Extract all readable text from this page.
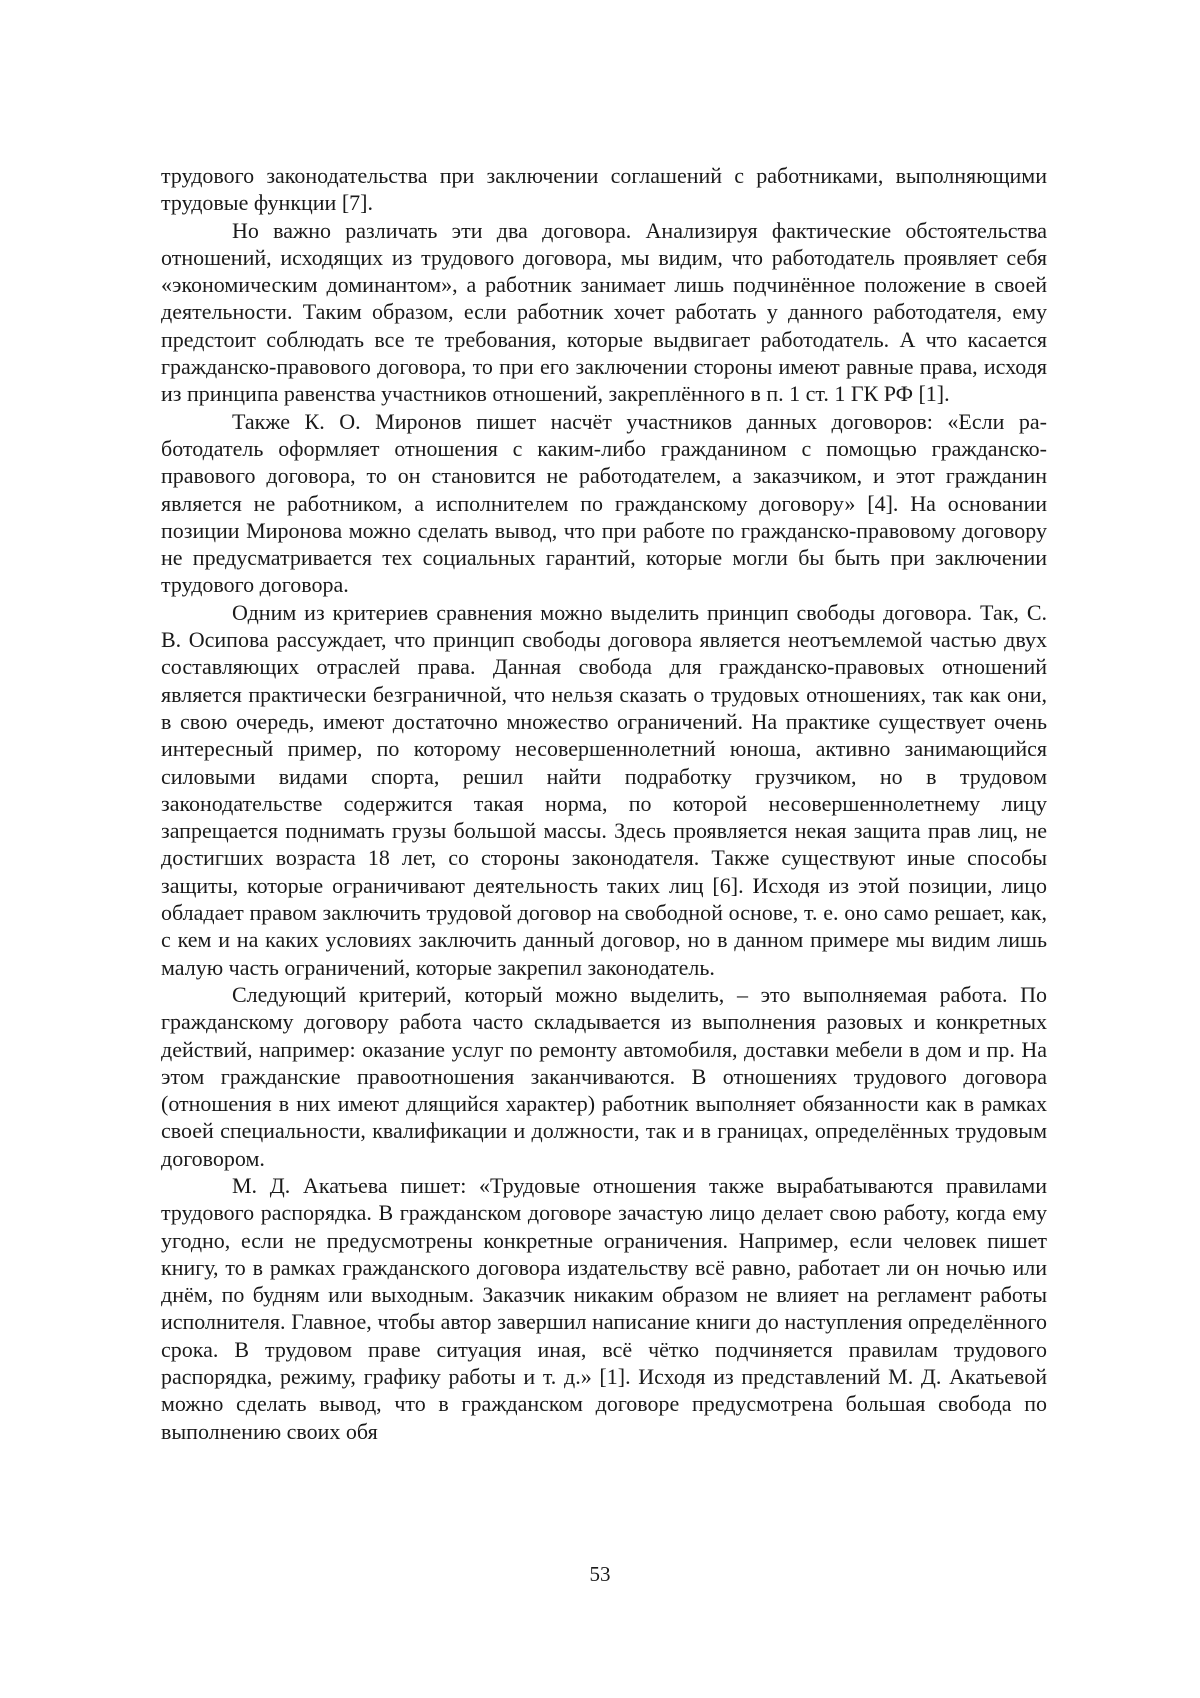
трудового законодательства при заключении соглашений с работниками, выполняющими трудовые функции [7].

Но важно различать эти два договора. Анализируя фактические обстоятельства отношений, исходящих из трудового договора, мы видим, что работодатель проявляет себя «экономическим доминантом», а работник занимает лишь подчинённое положение в своей деятельности. Таким образом, если работник хочет работать у данного работодателя, ему предстоит соблюдать все те требования, которые выдвигает работодатель. А что касается гражданско-правового договора, то при его заключении стороны имеют равные права, исходя из принципа равенства участников отношений, закреплённого в п. 1 ст. 1 ГК РФ [1].

Также К. О. Миронов пишет насчёт участников данных договоров: «Если работодатель оформляет отношения с каким-либо гражданином с помощью гражданско-правового договора, то он становится не работодателем, а заказчиком, и этот гражданин является не работником, а исполнителем по гражданскому договору» [4]. На основании позиции Миронова можно сделать вывод, что при работе по гражданско-правовому договору не предусматривается тех социальных гарантий, которые могли бы быть при заключении трудового договора.

Одним из критериев сравнения можно выделить принцип свободы договора. Так, С. В. Осипова рассуждает, что принцип свободы договора является неотъемлемой частью двух составляющих отраслей права. Данная свобода для гражданско-правовых отношений является практически безграничной, что нельзя сказать о трудовых отношениях, так как они, в свою очередь, имеют достаточно множество ограничений. На практике существует очень интересный пример, по которому несовершеннолетний юноша, активно занимающийся силовыми видами спорта, решил найти подработку грузчиком, но в трудовом законодательстве содержится такая норма, по которой несовершеннолетнему лицу запрещается поднимать грузы большой массы. Здесь проявляется некая защита прав лиц, не достигших возраста 18 лет, со стороны законодателя. Также существуют иные способы защиты, которые ограничивают деятельность таких лиц [6]. Исходя из этой позиции, лицо обладает правом заключить трудовой договор на свободной основе, т. е. оно само решает, как, с кем и на каких условиях заключить данный договор, но в данном примере мы видим лишь малую часть ограничений, которые закрепил законодатель.

Следующий критерий, который можно выделить, – это выполняемая работа. По гражданскому договору работа часто складывается из выполнения разовых и конкретных действий, например: оказание услуг по ремонту автомобиля, доставки мебели в дом и пр. На этом гражданские правоотношения заканчиваются. В отношениях трудового договора (отношения в них имеют длящийся характер) работник выполняет обязанности как в рамках своей специальности, квалификации и должности, так и в границах, определённых трудовым договором.

М. Д. Акатьева пишет: «Трудовые отношения также вырабатываются правилами трудового распорядка. В гражданском договоре зачастую лицо делает свою работу, когда ему угодно, если не предусмотрены конкретные ограничения. Например, если человек пишет книгу, то в рамках гражданского договора издательству всё равно, работает ли он ночью или днём, по будням или выходным. Заказчик никаким образом не влияет на регламент работы исполнителя. Главное, чтобы автор завершил написание книги до наступления определённого срока. В трудовом праве ситуация иная, всё чётко подчиняется правилам трудового распорядка, режиму, графику работы и т. д.» [1]. Исходя из представлений М. Д. Акатьевой можно сделать вывод, что в гражданском договоре предусмотрена большая свобода по выполнению своих обя

53
